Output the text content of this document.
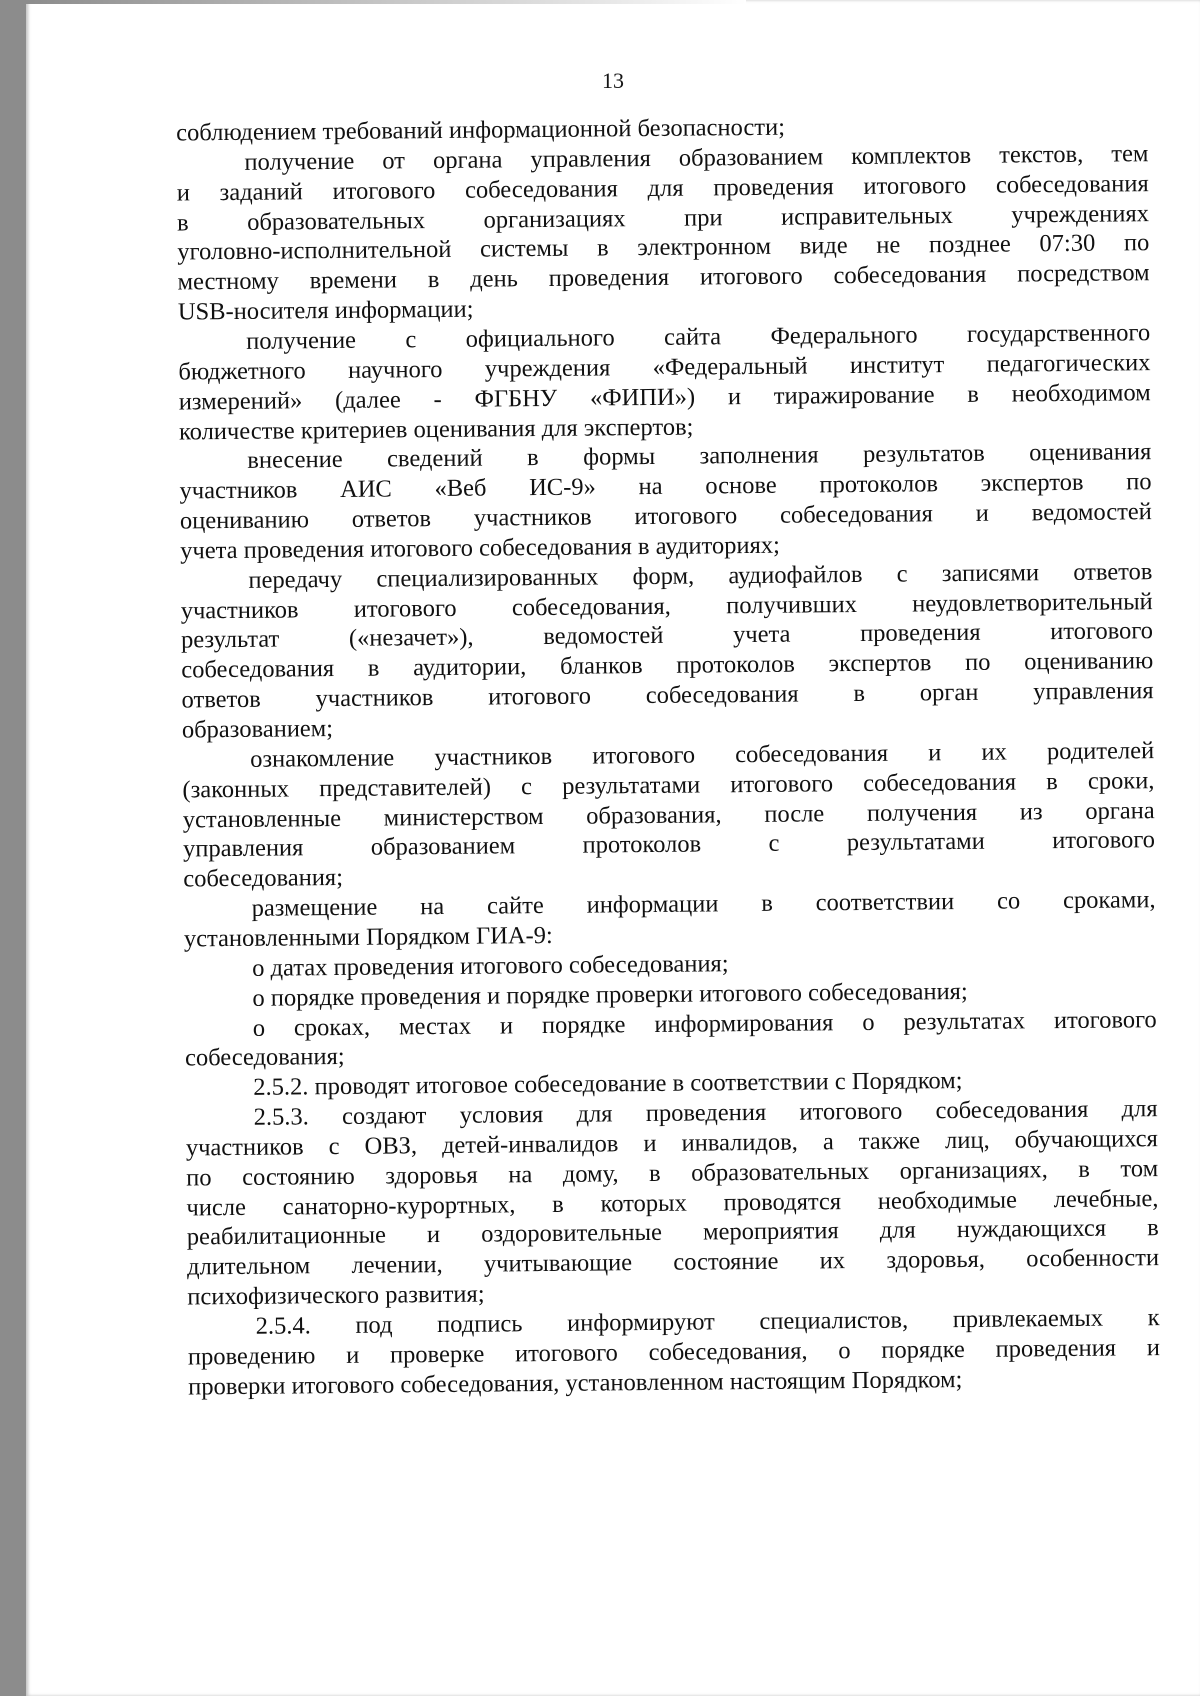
13
соблюдением требований информационной безопасности;
получение от органа управления образованием комплектов текстов, тем
и заданий итогового собеседования для проведения итогового собеседования
в образовательных организациях при исправительных учреждениях
уголовно-исполнительной системы в электронном виде не позднее 07:30 по
местному времени в день проведения итогового собеседования посредством
USB-носителя информации;
получение с официального сайта Федерального государственного
бюджетного научного учреждения «Федеральный институт педагогических
измерений» (далее - ФГБНУ «ФИПИ») и тиражирование в необходимом
количестве критериев оценивания для экспертов;
внесение сведений в формы заполнения результатов оценивания
участников АИС «Веб ИС-9» на основе протоколов экспертов по
оцениванию ответов участников итогового собеседования и ведомостей
учета проведения итогового собеседования в аудиториях;
передачу специализированных форм, аудиофайлов с записями ответов
участников итогового собеседования, получивших неудовлетворительный
результат («незачет»), ведомостей учета проведения итогового
собеседования в аудитории, бланков протоколов экспертов по оцениванию
ответов участников итогового собеседования в орган управления
образованием;
ознакомление участников итогового собеседования и их родителей
(законных представителей) с результатами итогового собеседования в сроки,
установленные министерством образования, после получения из органа
управления образованием протоколов с результатами итогового
собеседования;
размещение на сайте информации в соответствии со сроками,
установленными Порядком ГИА-9:
о датах проведения итогового собеседования;
о порядке проведения и порядке проверки итогового собеседования;
о сроках, местах и порядке информирования о результатах итогового
собеседования;
2.5.2. проводят итоговое собеседование в соответствии с Порядком;
2.5.3. создают условия для проведения итогового собеседования для
участников с ОВЗ, детей-инвалидов и инвалидов, а также лиц, обучающихся
по состоянию здоровья на дому, в образовательных организациях, в том
числе санаторно-курортных, в которых проводятся необходимые лечебные,
реабилитационные и оздоровительные мероприятия для нуждающихся в
длительном лечении, учитывающие состояние их здоровья, особенности
психофизического развития;
2.5.4. под подпись информируют специалистов, привлекаемых к
проведению и проверке итогового собеседования, о порядке проведения и
проверки итогового собеседования, установленном настоящим Порядком;
